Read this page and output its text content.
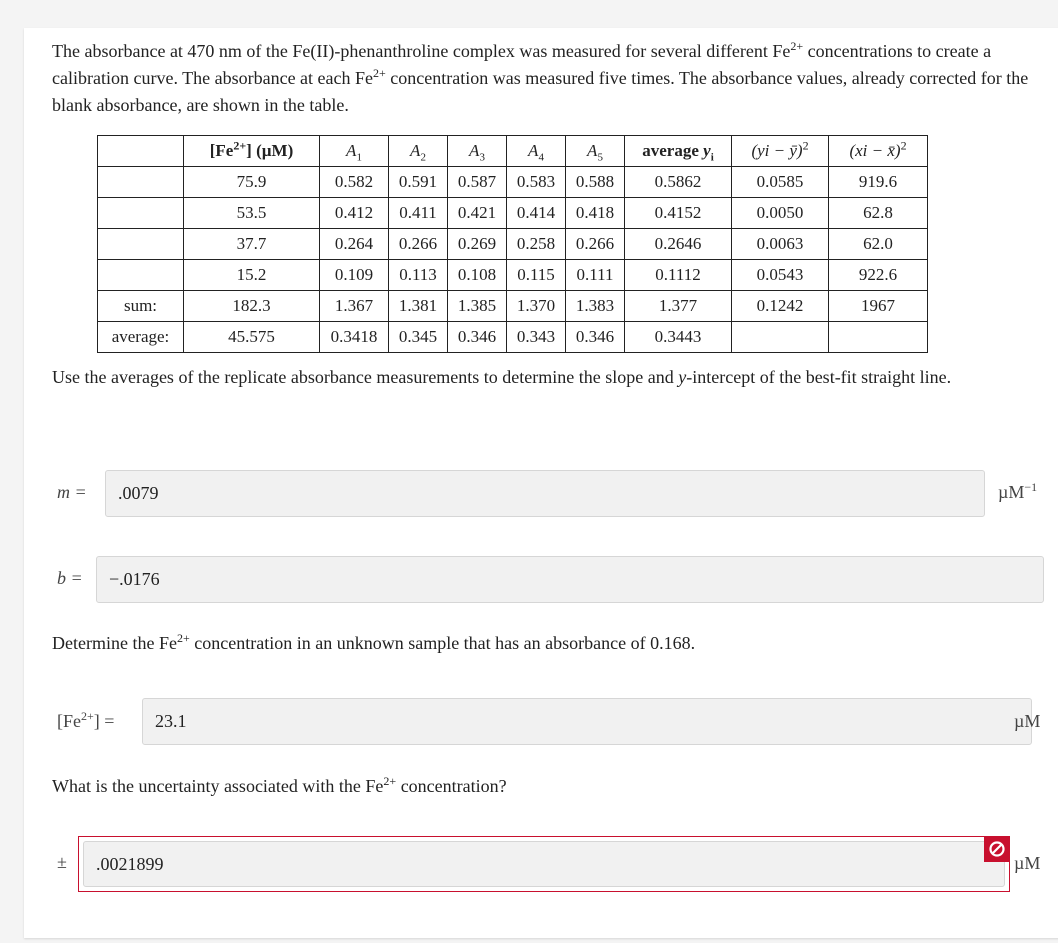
The absorbance at 470 nm of the Fe(II)-phenanthroline complex was measured for several different $Fe^{2+}$ concentrations to create a calibration curve. The absorbance at each $Fe^{2+}$ concentration was measured five times. The absorbance values, already corrected for the blank absorbance, are shown in the table.

	$[Fe^{2+}]$ (µM)	$A_1$	$A_2$	$A_3$	$A_4$	$A_5$	average $y_i$	(yi − ȳ)$^2$	(xi − x̄)$^2$
	75.9	0.582	0.591	0.587	0.583	0.588	0.5862	0.0585	919.6
	53.5	0.412	0.411	0.421	0.414	0.418	0.4152	0.0050	62.8
	37.7	0.264	0.266	0.269	0.258	0.266	0.2646	0.0063	62.0
	15.2	0.109	0.113	0.108	0.115	0.111	0.1112	0.0543	922.6
sum:	182.3	1.367	1.381	1.385	1.370	1.383	1.377	0.1242	1967
average:	45.575	0.3418	0.345	0.346	0.343	0.346	0.3443		

Use the averages of the replicate absorbance measurements to determine the slope and y-intercept of the best-fit straight line.

m =	.0079	µM$^{-1}$
b =	−.0176

Determine the $Fe^{2+}$ concentration in an unknown sample that has an absorbance of 0.168.

$[Fe^{2+}]$ =	23.1	µM

What is the uncertainty associated with the $Fe^{2+}$ concentration?

±	.0021899	µM
